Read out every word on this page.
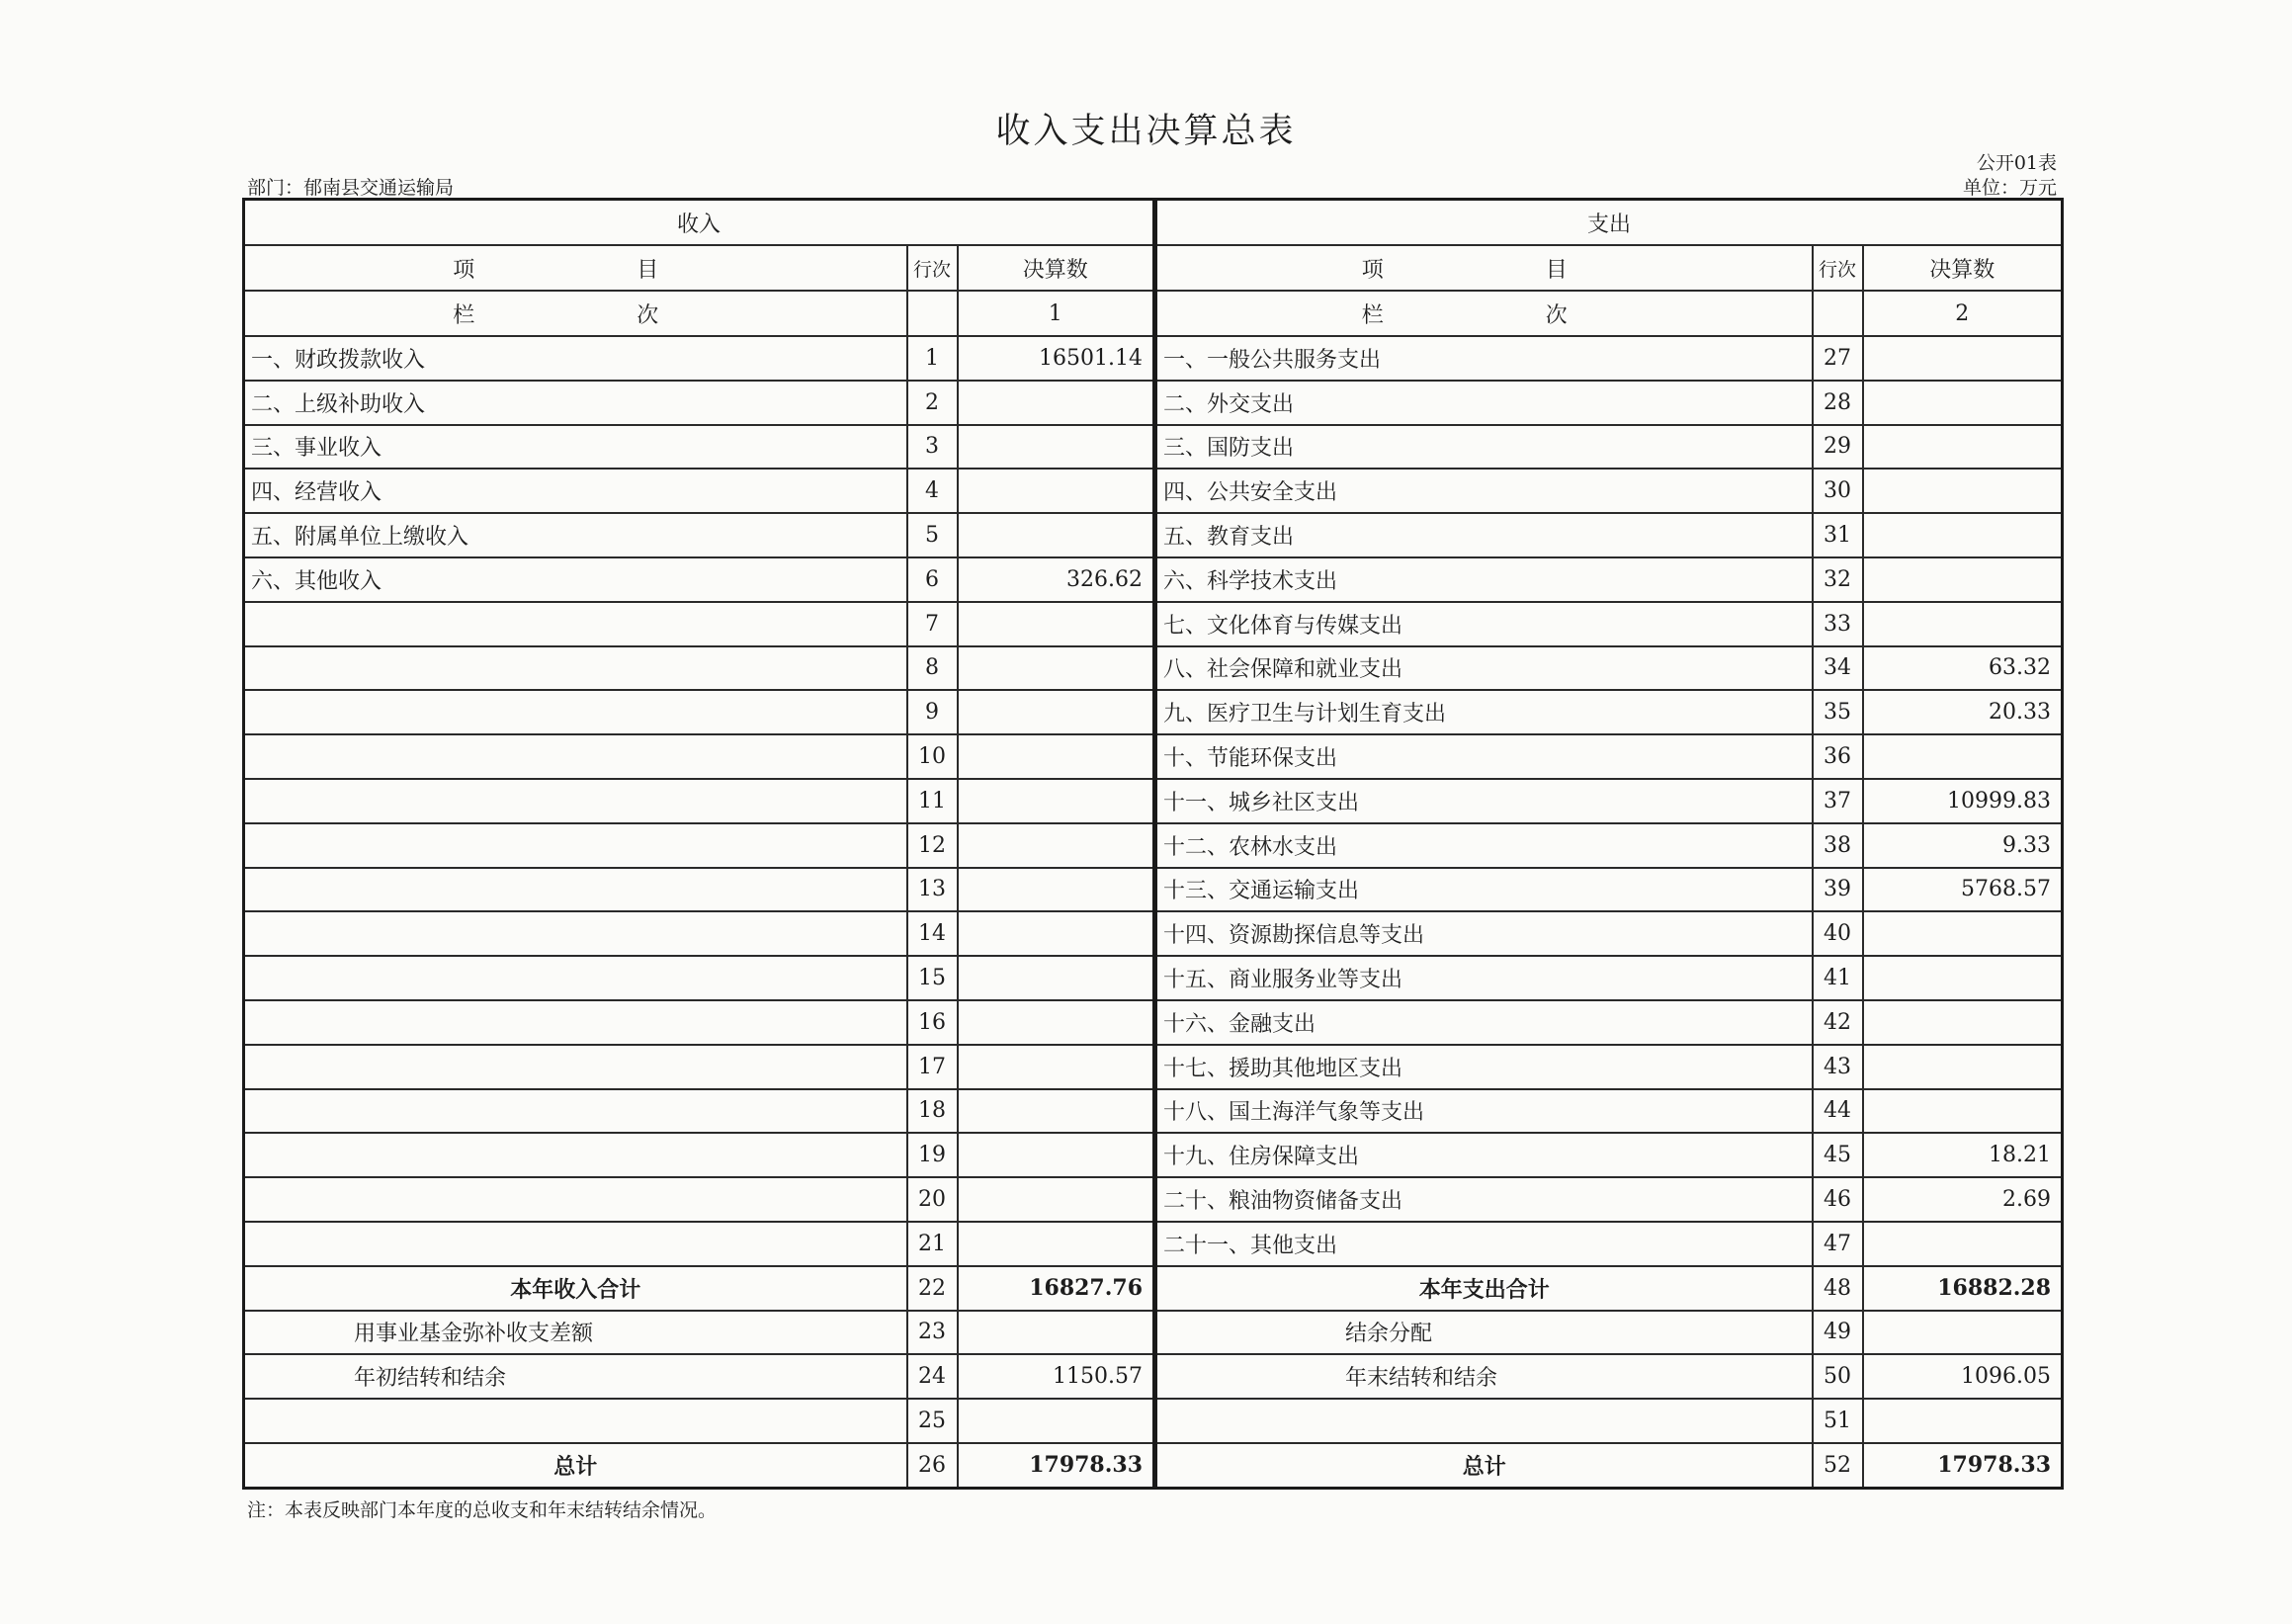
收入支出决算总表
公开01表
部门：郁南县交通运输局	单位：万元
收入			支出		
项　　目	行次	决算数	项　　目	行次	决算数
栏　　次		1	栏　　次		2
一、财政拨款收入	1	16501.14	一、一般公共服务支出	27	
二、上级补助收入	2		二、外交支出	28	
三、事业收入	3		三、国防支出	29	
四、经营收入	4		四、公共安全支出	30	
五、附属单位上缴收入	5		五、教育支出	31	
六、其他收入	6	326.62	六、科学技术支出	32	
	7		七、文化体育与传媒支出	33	
	8		八、社会保障和就业支出	34	63.32
	9		九、医疗卫生与计划生育支出	35	20.33
	10		十、节能环保支出	36	
	11		十一、城乡社区支出	37	10999.83
	12		十二、农林水支出	38	9.33
	13		十三、交通运输支出	39	5768.57
	14		十四、资源勘探信息等支出	40	
	15		十五、商业服务业等支出	41	
	16		十六、金融支出	42	
	17		十七、援助其他地区支出	43	
	18		十八、国土海洋气象等支出	44	
	19		十九、住房保障支出	45	18.21
	20		二十、粮油物资储备支出	46	2.69
	21		二十一、其他支出	47	
本年收入合计	22	16827.76	本年支出合计	48	16882.28
用事业基金弥补收支差额	23		结余分配	49	
年初结转和结余	24	1150.57	年末结转和结余	50	1096.05
	25			51	
总计	26	17978.33	总计	52	17978.33
注：本表反映部门本年度的总收支和年末结转结余情况。
